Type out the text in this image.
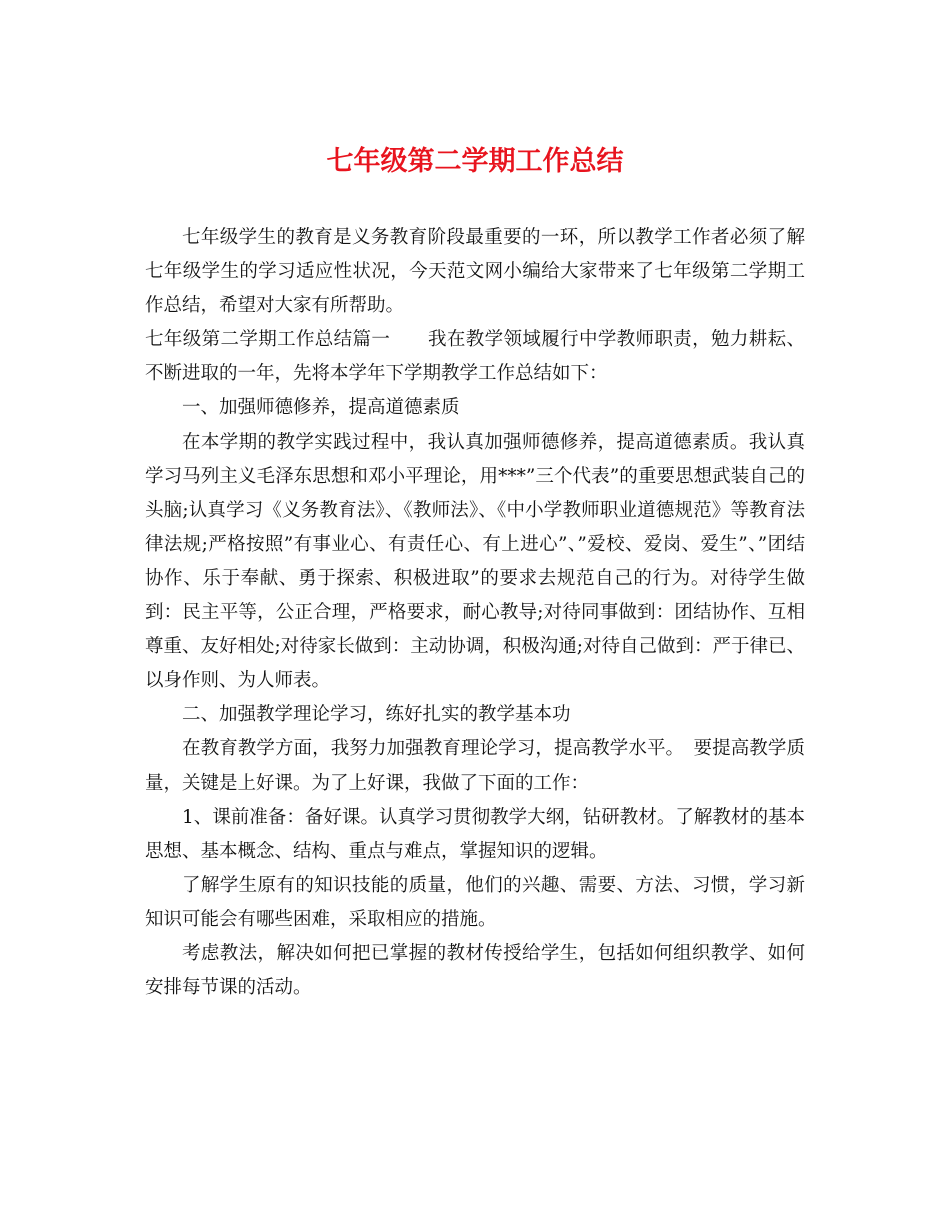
七年级第二学期工作总结

七年级学生的教育是义务教育阶段最重要的一环，所以教学工作者必须了解七年级学生的学习适应性状况，今天范文网小编给大家带来了七年级第二学期工作总结，希望对大家有所帮助。

七年级第二学期工作总结篇一　　我在教学领域履行中学教师职责，勉力耕耘、不断进取的一年，先将本学年下学期教学工作总结如下：

一、加强师德修养，提高道德素质

在本学期的教学实践过程中，我认真加强师德修养，提高道德素质。我认真学习马列主义毛泽东思想和邓小平理论，用***”三个代表”的重要思想武装自己的头脑;认真学习《义务教育法》、《教师法》、《中小学教师职业道德规范》等教育法律法规;严格按照”有事业心、有责任心、有上进心”、”爱校、爱岗、爱生”、”团结协作、乐于奉献、勇于探索、积极进取”的要求去规范自己的行为。对待学生做到：民主平等，公正合理，严格要求，耐心教导;对待同事做到：团结协作、互相尊重、友好相处;对待家长做到：主动协调，积极沟通;对待自己做到：严于律已、以身作则、为人师表。

二、加强教学理论学习，练好扎实的教学基本功

在教育教学方面，我努力加强教育理论学习，提高教学水平。　要提高教学质量，关键是上好课。为了上好课，我做了下面的工作：

1、课前准备：备好课。认真学习贯彻教学大纲，钻研教材。了解教材的基本思想、基本概念、结构、重点与难点，掌握知识的逻辑。

了解学生原有的知识技能的质量，他们的兴趣、需要、方法、习惯，学习新知识可能会有哪些困难，采取相应的措施。

考虑教法，解决如何把已掌握的教材传授给学生，包括如何组织教学、如何安排每节课的活动。
